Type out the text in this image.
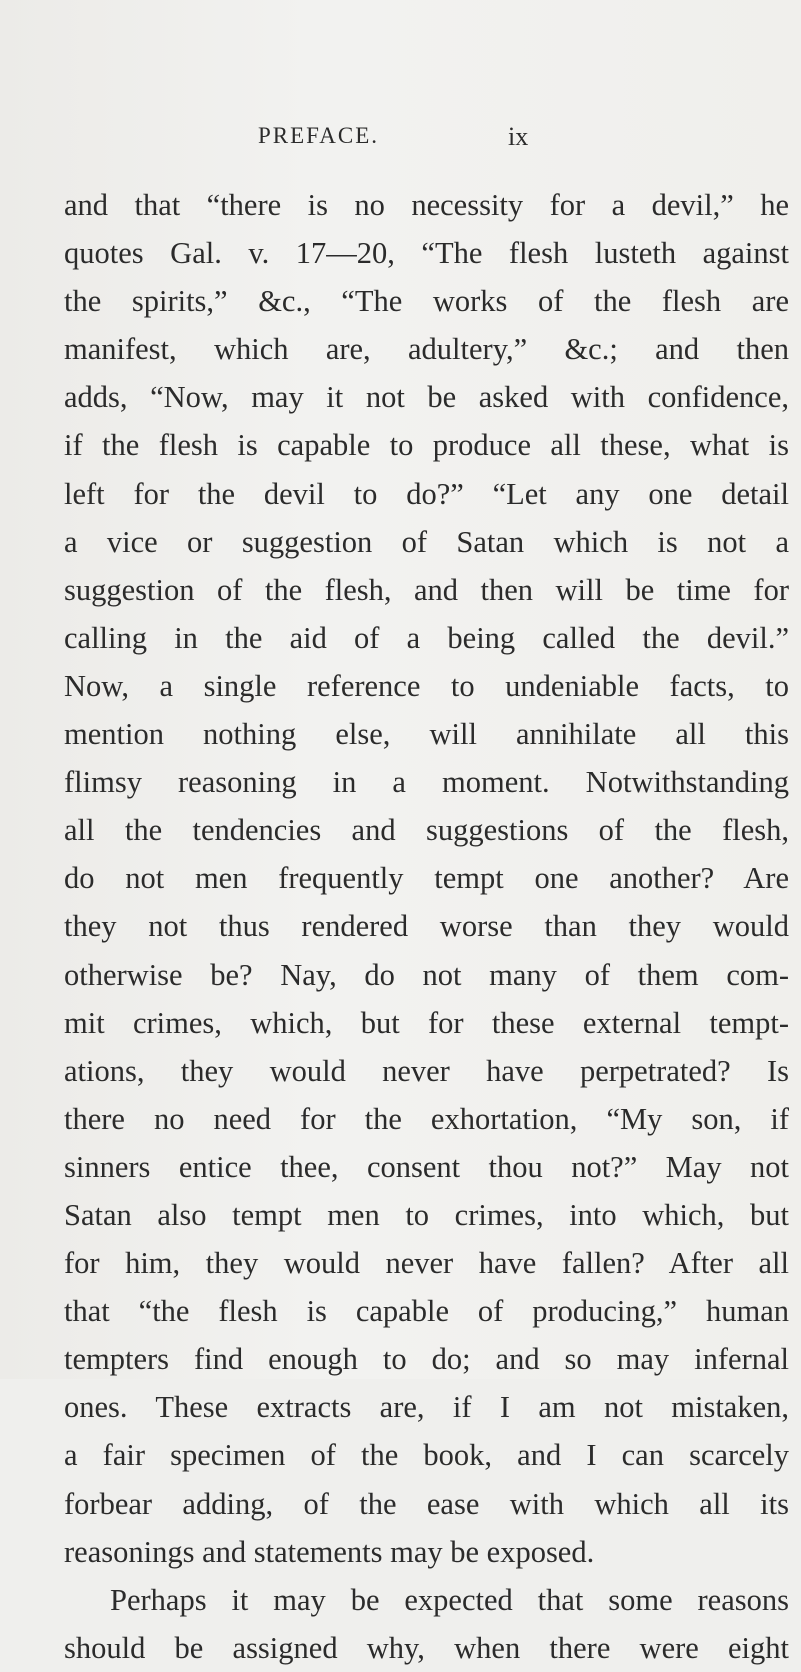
PREFACE.	ix
and that “there is no necessity for a devil,” he
quotes Gal. v. 17—20, “The flesh lusteth against
the spirits,” &c., “The works of the flesh are
manifest, which are, adultery,” &c.; and then
adds, “Now, may it not be asked with confidence,
if the flesh is capable to produce all these, what is
left for the devil to do?” “Let any one detail
a vice or suggestion of Satan which is not a
suggestion of the flesh, and then will be time for
calling in the aid of a being called the devil.”
Now, a single reference to undeniable facts, to
mention nothing else, will annihilate all this
flimsy reasoning in a moment. Notwithstanding
all the tendencies and suggestions of the flesh,
do not men frequently tempt one another? Are
they not thus rendered worse than they would
otherwise be? Nay, do not many of them com-
mit crimes, which, but for these external tempt-
ations, they would never have perpetrated? Is
there no need for the exhortation, “My son, if
sinners entice thee, consent thou not?” May not
Satan also tempt men to crimes, into which, but
for him, they would never have fallen? After all
that “the flesh is capable of producing,” human
tempters find enough to do; and so may infernal
ones. These extracts are, if I am not mistaken,
a fair specimen of the book, and I can scarcely
forbear adding, of the ease with which all its
reasonings and statements may be exposed.
Perhaps it may be expected that some reasons
should be assigned why, when there were eight
